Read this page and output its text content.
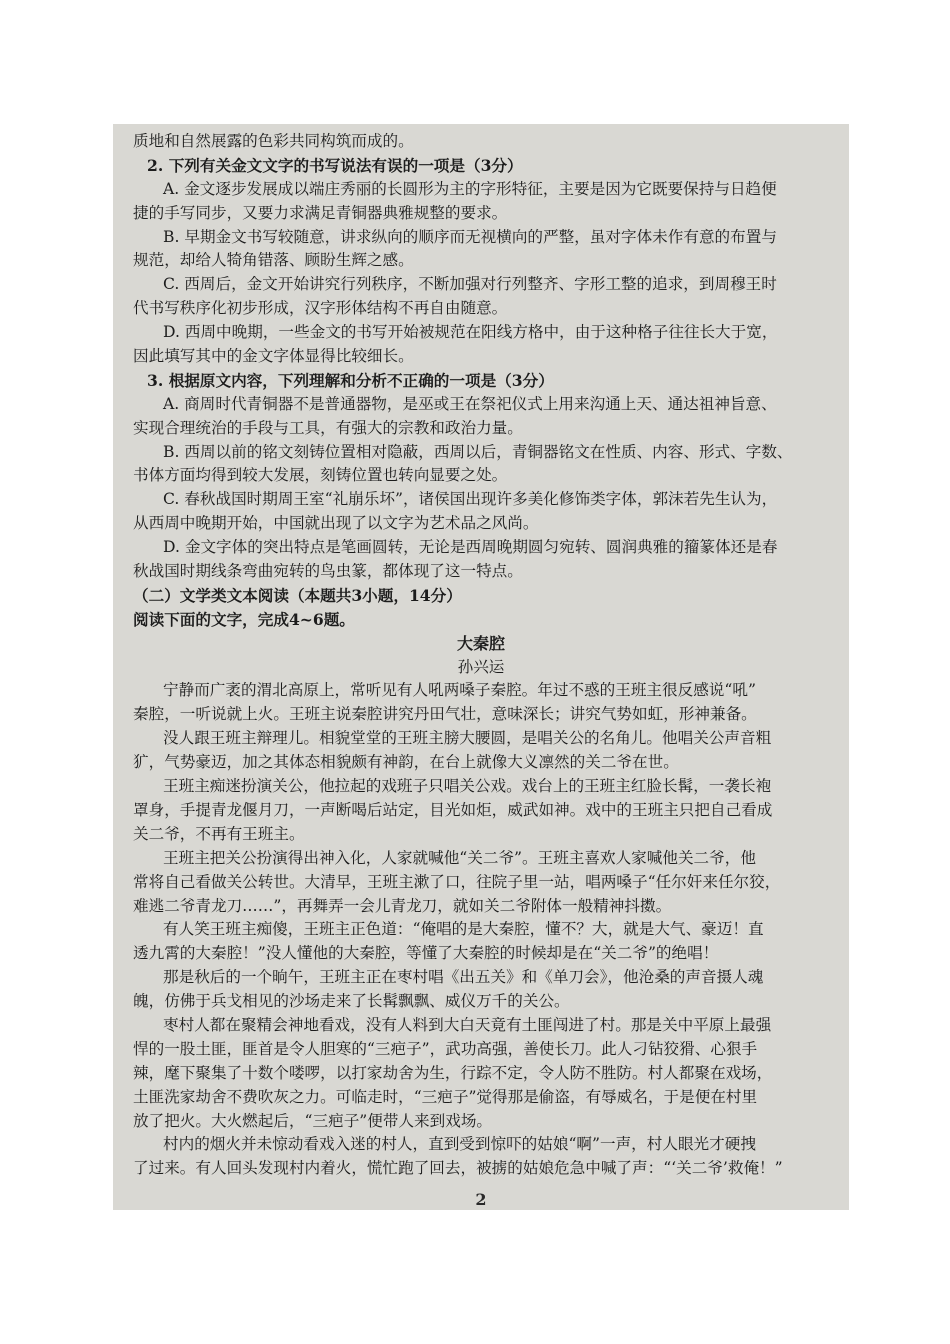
质地和自然展露的色彩共同构筑而成的。
2. 下列有关金文文字的书写说法有误的一项是（3分）
A. 金文逐步发展成以端庄秀丽的长圆形为主的字形特征，主要是因为它既要保持与日趋便
捷的手写同步，又要力求满足青铜器典雅规整的要求。
B. 早期金文书写较随意，讲求纵向的顺序而无视横向的严整，虽对字体未作有意的布置与
规范，却给人犄角错落、顾盼生辉之感。
C. 西周后，金文开始讲究行列秩序，不断加强对行列整齐、字形工整的追求，到周穆王时
代书写秩序化初步形成，汉字形体结构不再自由随意。
D. 西周中晚期，一些金文的书写开始被规范在阳线方格中，由于这种格子往往长大于宽，
因此填写其中的金文字体显得比较细长。
3. 根据原文内容，下列理解和分析不正确的一项是（3分）
A. 商周时代青铜器不是普通器物，是巫或王在祭祀仪式上用来沟通上天、通达祖神旨意、
实现合理统治的手段与工具，有强大的宗教和政治力量。
B. 西周以前的铭文刻铸位置相对隐蔽，西周以后，青铜器铭文在性质、内容、形式、字数、
书体方面均得到较大发展，刻铸位置也转向显要之处。
C. 春秋战国时期周王室“礼崩乐坏”，诸侯国出现许多美化修饰类字体，郭沫若先生认为，
从西周中晚期开始，中国就出现了以文字为艺术品之风尚。
D. 金文字体的突出特点是笔画圆转，无论是西周晚期圆匀宛转、圆润典雅的籀篆体还是春
秋战国时期线条弯曲宛转的鸟虫篆，都体现了这一特点。
（二）文学类文本阅读（本题共3小题，14分）
阅读下面的文字，完成4~6题。
大秦腔
孙兴运
宁静而广袤的渭北高原上，常听见有人吼两嗓子秦腔。年过不惑的王班主很反感说“吼”
秦腔，一听说就上火。王班主说秦腔讲究丹田气壮，意味深长；讲究气势如虹，形神兼备。
没人跟王班主辩理儿。相貌堂堂的王班主膀大腰圆，是唱关公的名角儿。他唱关公声音粗
犷，气势豪迈，加之其体态相貌颇有神韵，在台上就像大义凛然的关二爷在世。
王班主痴迷扮演关公，他拉起的戏班子只唱关公戏。戏台上的王班主红脸长髯，一袭长袍
罩身，手提青龙偃月刀，一声断喝后站定，目光如炬，威武如神。戏中的王班主只把自己看成
关二爷，不再有王班主。
王班主把关公扮演得出神入化，人家就喊他“关二爷”。王班主喜欢人家喊他关二爷，他
常将自己看做关公转世。大清早，王班主漱了口，往院子里一站，唱两嗓子“任尔奸来任尔狡，
难逃二爷青龙刀……”，再舞弄一会儿青龙刀，就如关二爷附体一般精神抖擞。
有人笑王班主痴傻，王班主正色道：“俺唱的是大秦腔，懂不？大，就是大气、豪迈！直
透九霄的大秦腔！”没人懂他的大秦腔，等懂了大秦腔的时候却是在“关二爷”的绝唱！
那是秋后的一个晌午，王班主正在枣村唱《出五关》和《单刀会》，他沧桑的声音摄人魂
魄，仿佛于兵戈相见的沙场走来了长髯飘飘、威仪万千的关公。
枣村人都在聚精会神地看戏，没有人料到大白天竟有土匪闯进了村。那是关中平原上最强
悍的一股土匪，匪首是令人胆寒的“三疤子”，武功高强，善使长刀。此人刁钻狡猾、心狠手
辣，麾下聚集了十数个喽啰，以打家劫舍为生，行踪不定，令人防不胜防。村人都聚在戏场，
土匪洗家劫舍不费吹灰之力。可临走时，“三疤子”觉得那是偷盗，有辱威名，于是便在村里
放了把火。大火燃起后，“三疤子”便带人来到戏场。
村内的烟火并未惊动看戏入迷的村人，直到受到惊吓的姑娘“啊”一声，村人眼光才硬拽
了过来。有人回头发现村内着火，慌忙跑了回去，被掳的姑娘危急中喊了声：“‘关二爷’救俺！”
2
